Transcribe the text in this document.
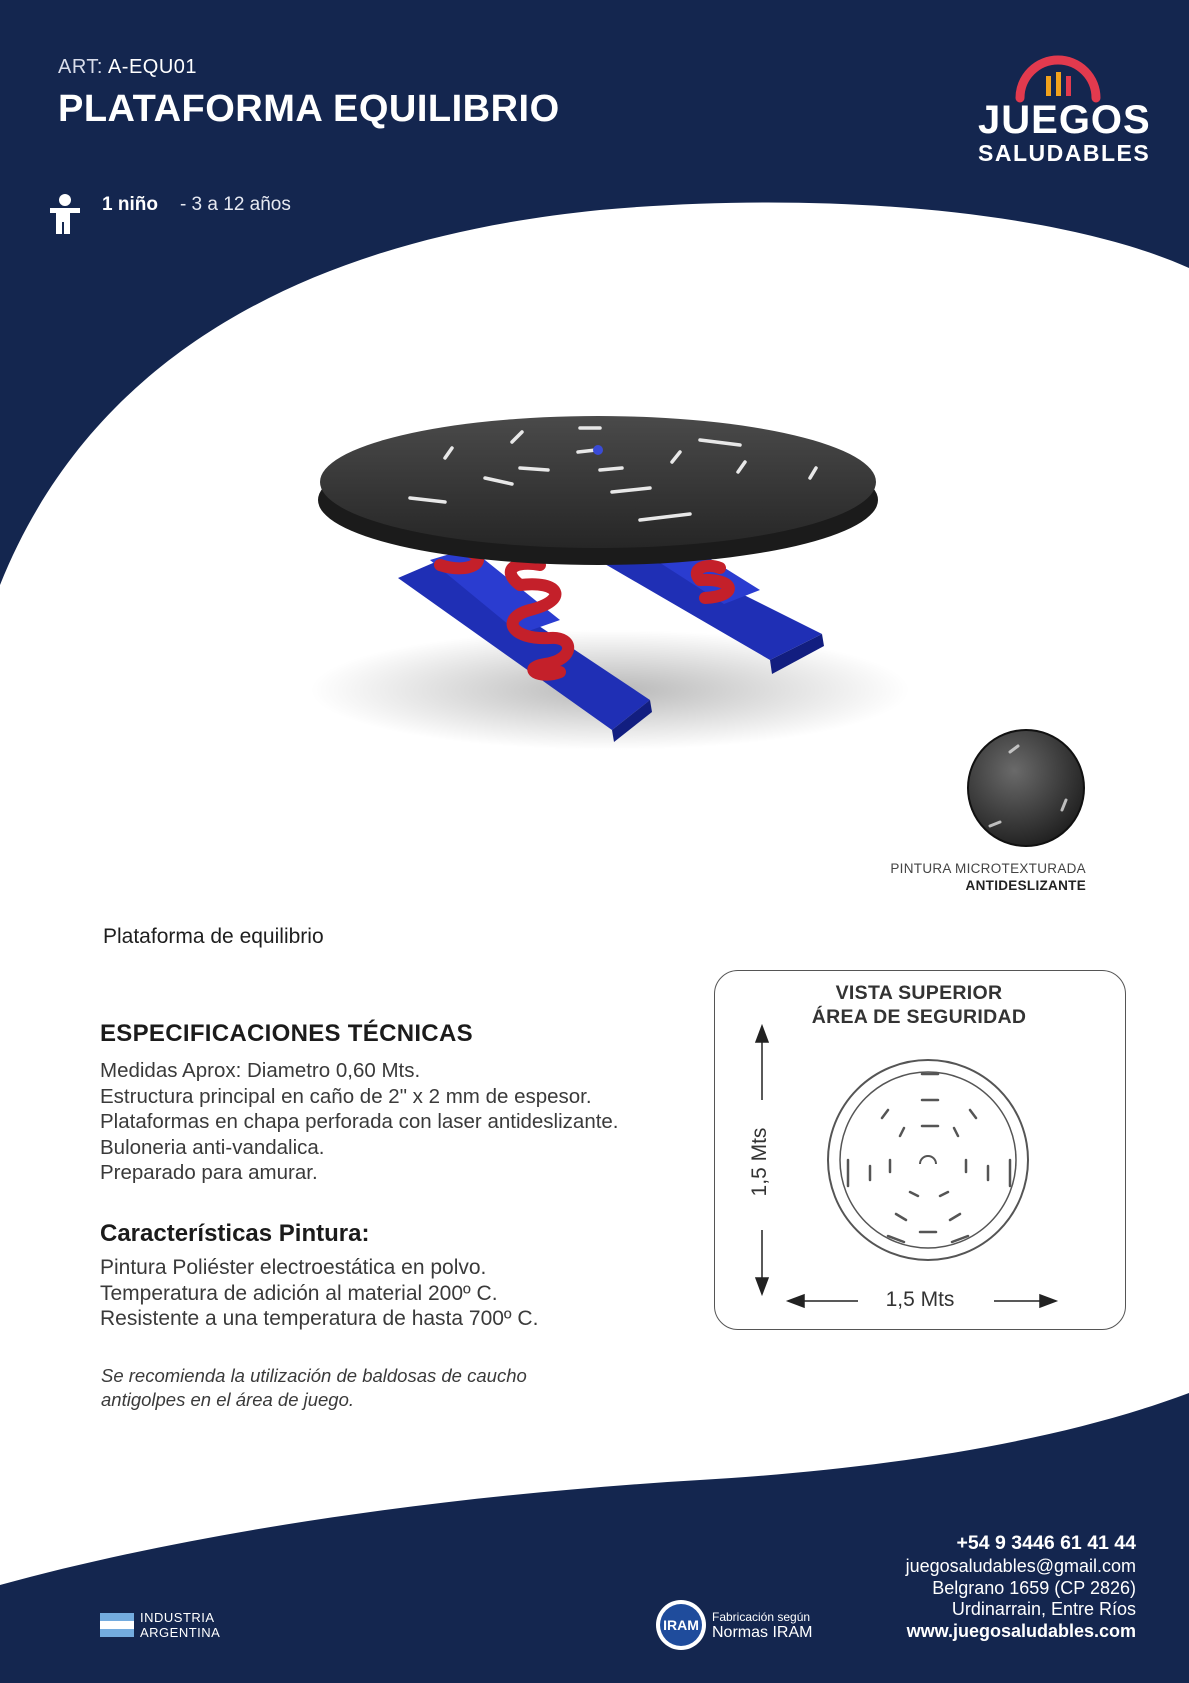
ART: A-EQU01
PLATAFORMA EQUILIBRIO
1 niño - 3 a 12 años
JUEGOS
SALUDABLES
PINTURA MICROTEXTURADA
ANTIDESLIZANTE
Plataforma de equilibrio
ESPECIFICACIONES TÉCNICAS
Medidas Aprox: Diametro 0,60 Mts.
Estructura principal en caño de 2" x 2 mm de espesor.
Plataformas en chapa perforada con laser antideslizante.
Buloneria anti-vandalica.
Preparado para amurar.
Características Pintura:
Pintura Poliéster electroestática en polvo.
Temperatura de adición al material 200º C.
Resistente a una temperatura de hasta 700º C.
Se recomienda la utilización de baldosas de caucho
antigolpes en el área de juego.
VISTA SUPERIOR
ÁREA DE SEGURIDAD
1,5 Mts
1,5 Mts
+54 9 3446 61 41 44
juegosaludables@gmail.com
Belgrano 1659 (CP 2826)
Urdinarrain, Entre Ríos
www.juegosaludables.com
INDUSTRIA
ARGENTINA	IRAM Fabricación según
Normas IRAM
